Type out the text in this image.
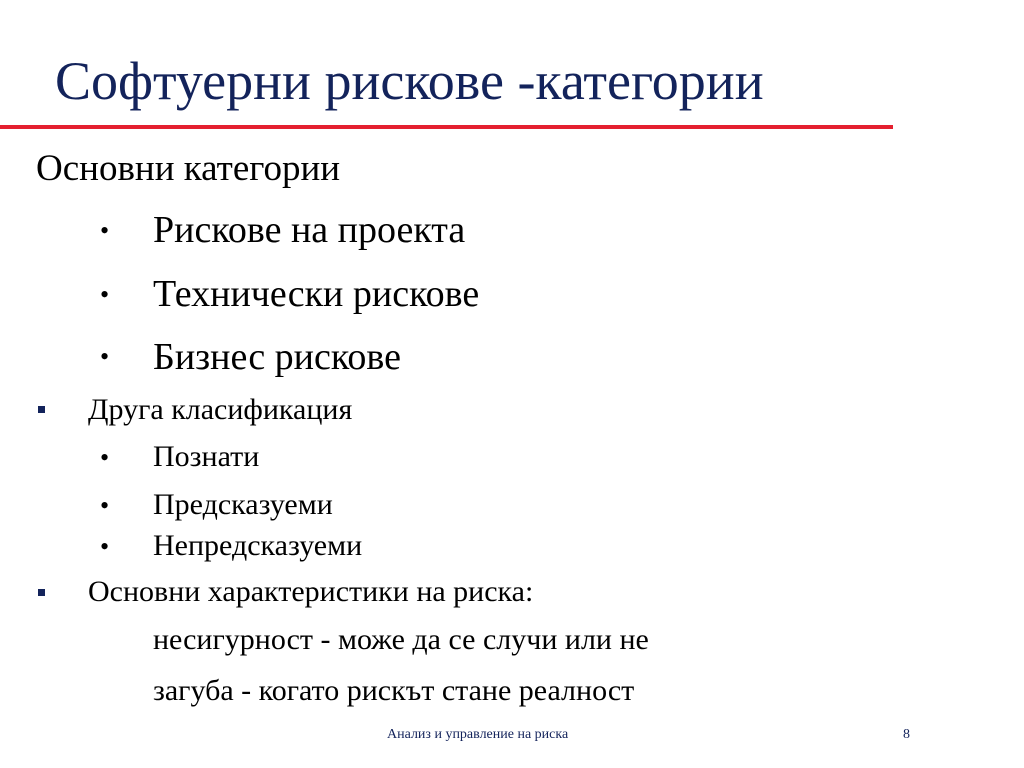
Софтуерни рискове -категории
Основни категории
• Рискове на проекта
• Технически рискове
• Бизнес рискове
Друга класификация
• Познати
• Предсказуеми
• Непредсказуеми
Основни характеристики на риска:
несигурност - може да се случи или не
загуба - когато рискът стане реалност
Анализ и управление на риска	8
